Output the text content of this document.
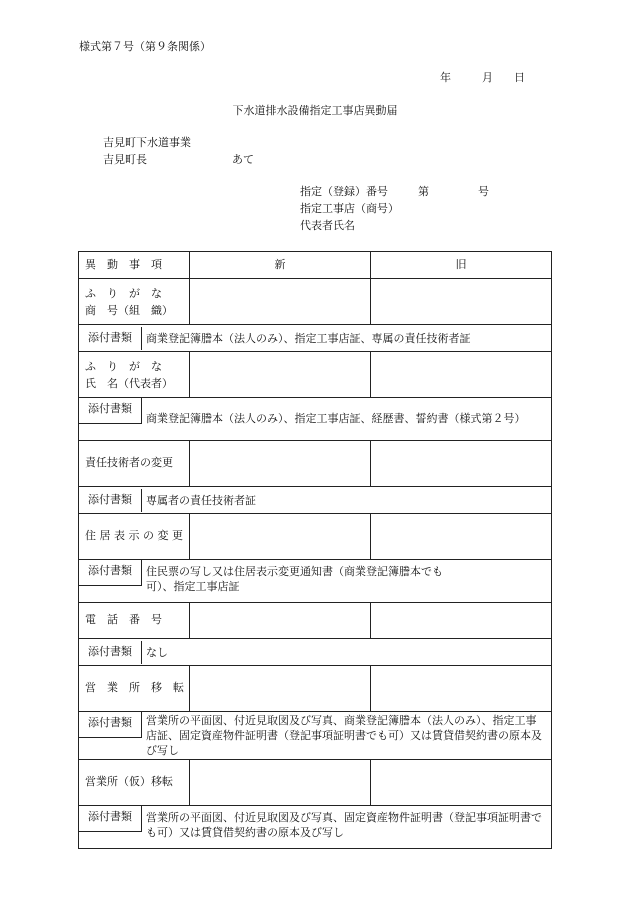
様式第７号（第９条関係）
年	月	日
下水道排水設備指定工事店異動届
吉見町下水道事業
吉見町長	あて
指定（登録）番号	第	号
指定工事店（商号）
代表者氏名
異　動　事　項	新	旧

ふ　り　が　な
商　号（組　織）		

添付書類 商業登記簿謄本（法人のみ）、指定工事店証、専属の責任技術者証		

ふ　り　が　な
氏　名（代表者）		

添付書類
商業登記簿謄本（法人のみ）、指定工事店証、経歴書、誓約書（様式第２号）		

責任技術者の変更		

添付書類 専属者の責任技術者証		

住 居 表 示 の 変 更		

添付書類 住民票の写し又は住居表示変更通知書（商業登記簿謄本でも可）、指定工事店証		

電　話　番　号		

添付書類 なし		

営　業　所　移　転		

添付書類 営業所の平面図、付近見取図及び写真、商業登記簿謄本（法人のみ）、指定工事店証、固定資産物件証明書（登記事項証明書でも可）又は賃貸借契約書の原本及び写し		

営業所（仮）移転		

添付書類 営業所の平面図、付近見取図及び写真、固定資産物件証明書（登記事項証明書でも可）又は賃貸借契約書の原本及び写し		
